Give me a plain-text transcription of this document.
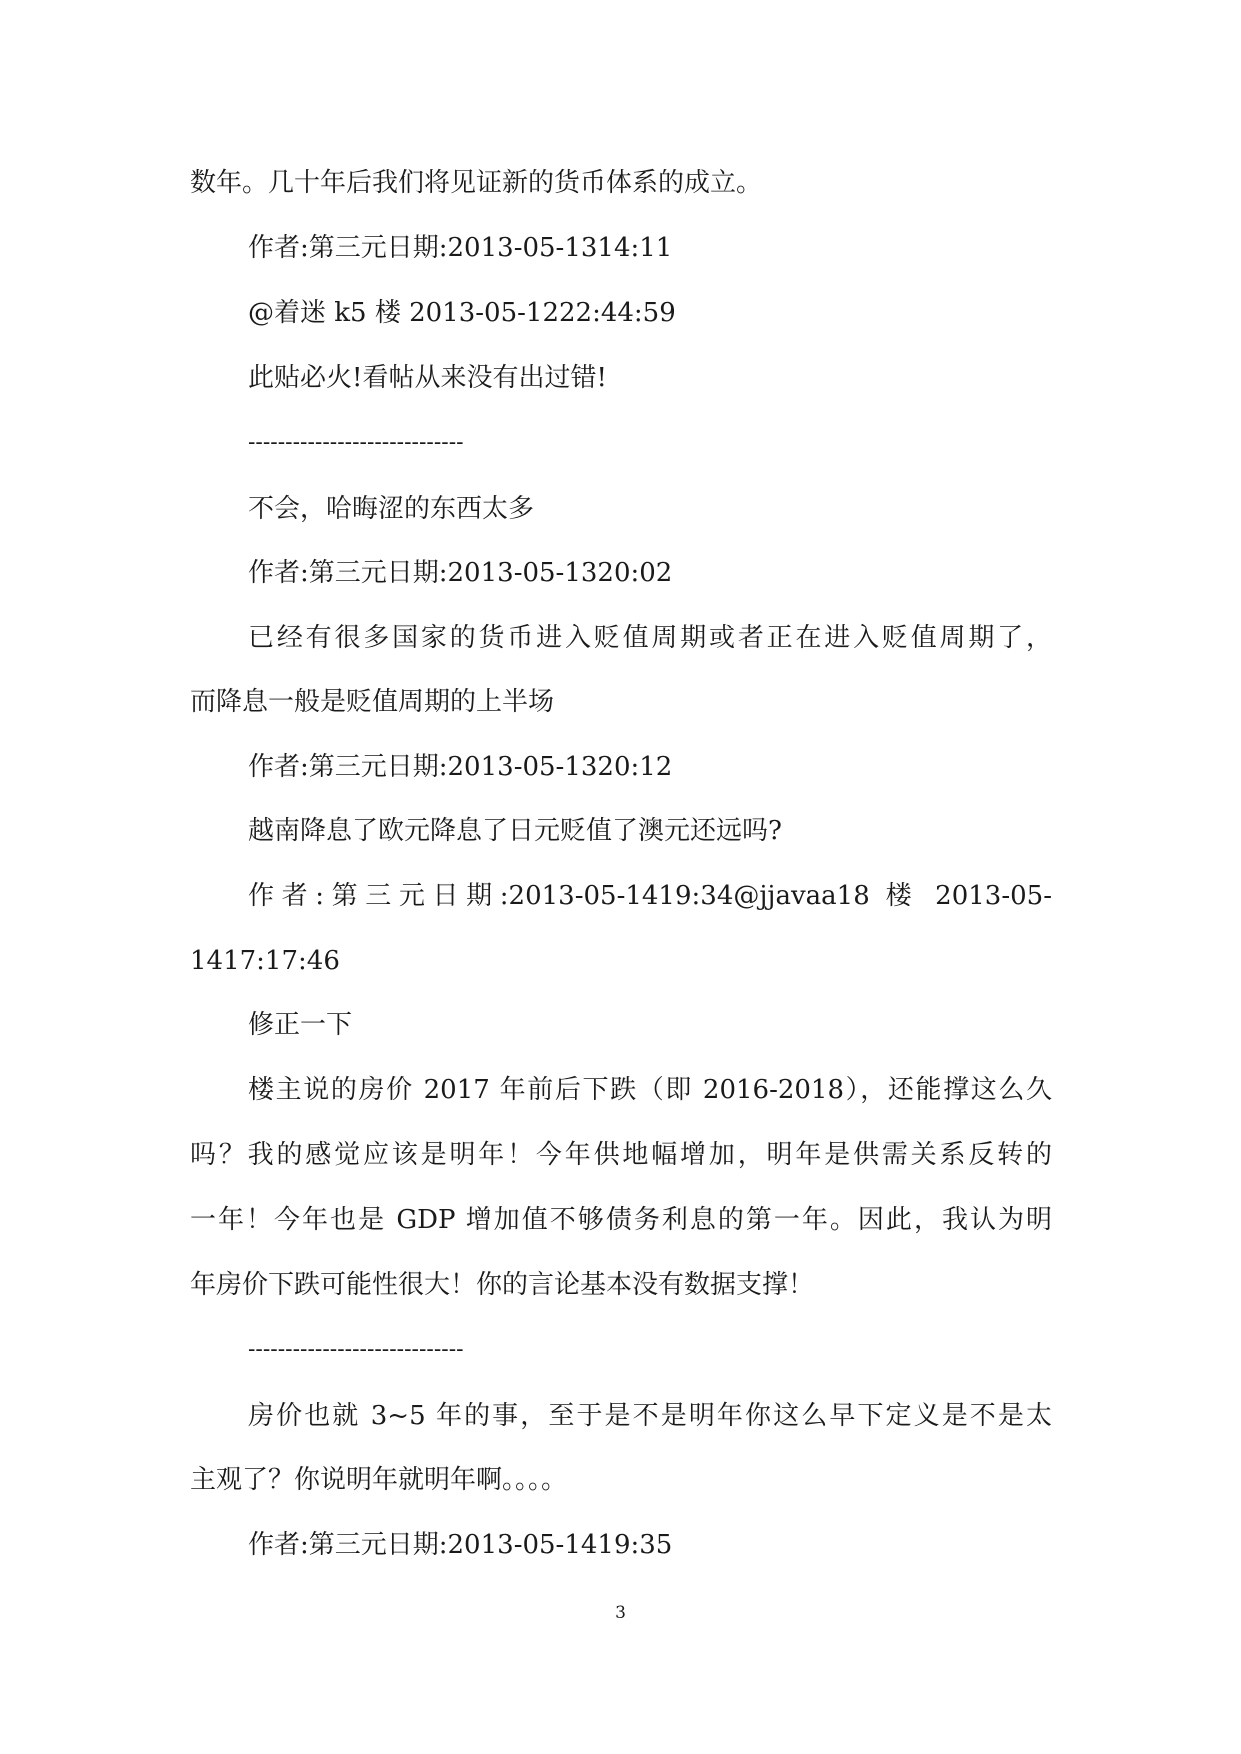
数年。几十年后我们将见证新的货币体系的成立。
作者:第三元日期:2013-05-1314:11
@着迷 k5 楼 2013-05-1222:44:59
此贴必火!看帖从来没有出过错!
-----------------------------
不会，哈晦涩的东西太多
作者:第三元日期:2013-05-1320:02
已经有很多国家的货币进入贬值周期或者正在进入贬值周期了，
而降息一般是贬值周期的上半场
作者:第三元日期:2013-05-1320:12
越南降息了欧元降息了日元贬值了澳元还远吗?
作者:第三元日期:2013-05-1419:34@jjavaa18 楼 2013-05-
1417:17:46
修正一下
楼主说的房价 2017 年前后下跌（即 2016-2018），还能撑这么久
吗？我的感觉应该是明年！今年供地幅增加，明年是供需关系反转的
一年！今年也是 GDP 增加值不够债务利息的第一年。因此，我认为明
年房价下跌可能性很大！你的言论基本没有数据支撑！
-----------------------------
房价也就 3~5 年的事，至于是不是明年你这么早下定义是不是太
主观了？你说明年就明年啊。。。。
作者:第三元日期:2013-05-1419:35
3
